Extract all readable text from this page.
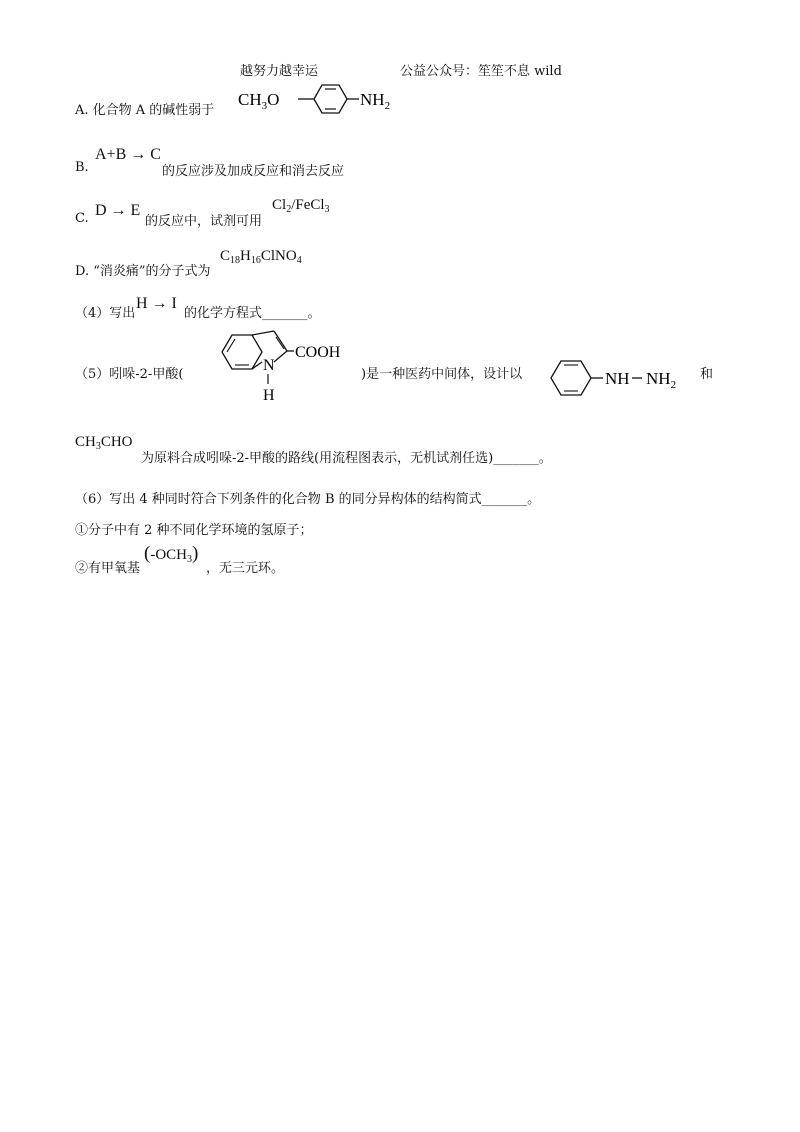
越努力越幸运	公益公众号：笙笙不息 wild
A. 化合物 A 的碱性弱于
$CH_3O$	$NH_2$
B.
A+B → C
的反应涉及加成反应和消去反应
C. D → E
的反应中，试剂可用
$Cl_2/FeCl_3$
D. “消炎痛”的分子式为
$C_{18}H_{16}ClNO_4$
（4）写出
H → I
的化学方程式_______。
（5）吲哚-2-甲酸(
COOH
N
H
)是一种医药中间体，设计以	NH $NH_2$
和
$CH_3CHO$
为原料合成吲哚-2-甲酸的路线(用流程图表示，无机试剂任选)_______。
（6）写出 4 种同时符合下列条件的化合物 B 的同分异构体的结构简式_______。
①分子中有 2 种不同化学环境的氢原子；
②有甲氧基
$(-OCH_3)$
，无三元环。
